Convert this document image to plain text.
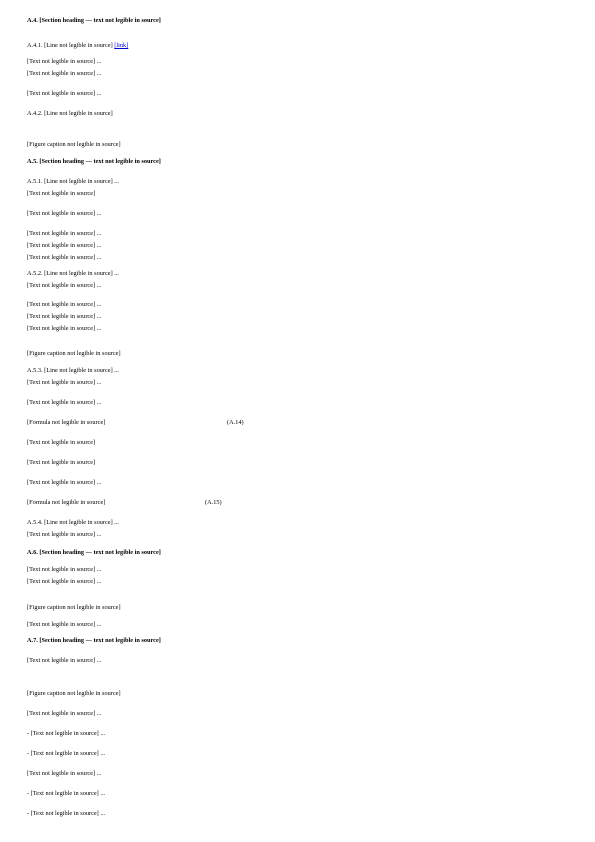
A.4. [Section heading — text not legible in source]
A.4.1. [Line not legible in source] [link]
[Text not legible in source] ...
[Text not legible in source] ...
[Text not legible in source] ...
A.4.2. [Line not legible in source]
[Figure caption not legible in source]
A.5. [Section heading — text not legible in source]
A.5.1. [Line not legible in source] ...
[Text not legible in source]
[Text not legible in source] ...
[Text not legible in source] ...
[Text not legible in source] ...
[Text not legible in source] ...
A.5.2. [Line not legible in source] ...
[Text not legible in source] ...
[Text not legible in source] ...
[Text not legible in source] ...
[Text not legible in source] ...
[Figure caption not legible in source]
A.5.3. [Line not legible in source] ...
[Text not legible in source] ...
[Text not legible in source] ...
[Formula not legible in source]	(A.14)
[Text not legible in source]
[Text not legible in source]
[Text not legible in source] ...
[Formula not legible in source]	(A.15)
A.5.4. [Line not legible in source] ...
[Text not legible in source] ...
A.6. [Section heading — text not legible in source]
[Text not legible in source] ...
[Text not legible in source] ...
[Figure caption not legible in source]
[Text not legible in source] ...
A.7. [Section heading — text not legible in source]
[Text not legible in source] ...
[Figure caption not legible in source]
[Text not legible in source] ...
- [Text not legible in source] ...
- [Text not legible in source] ...
[Text not legible in source] ...
- [Text not legible in source] ...
- [Text not legible in source] ...
